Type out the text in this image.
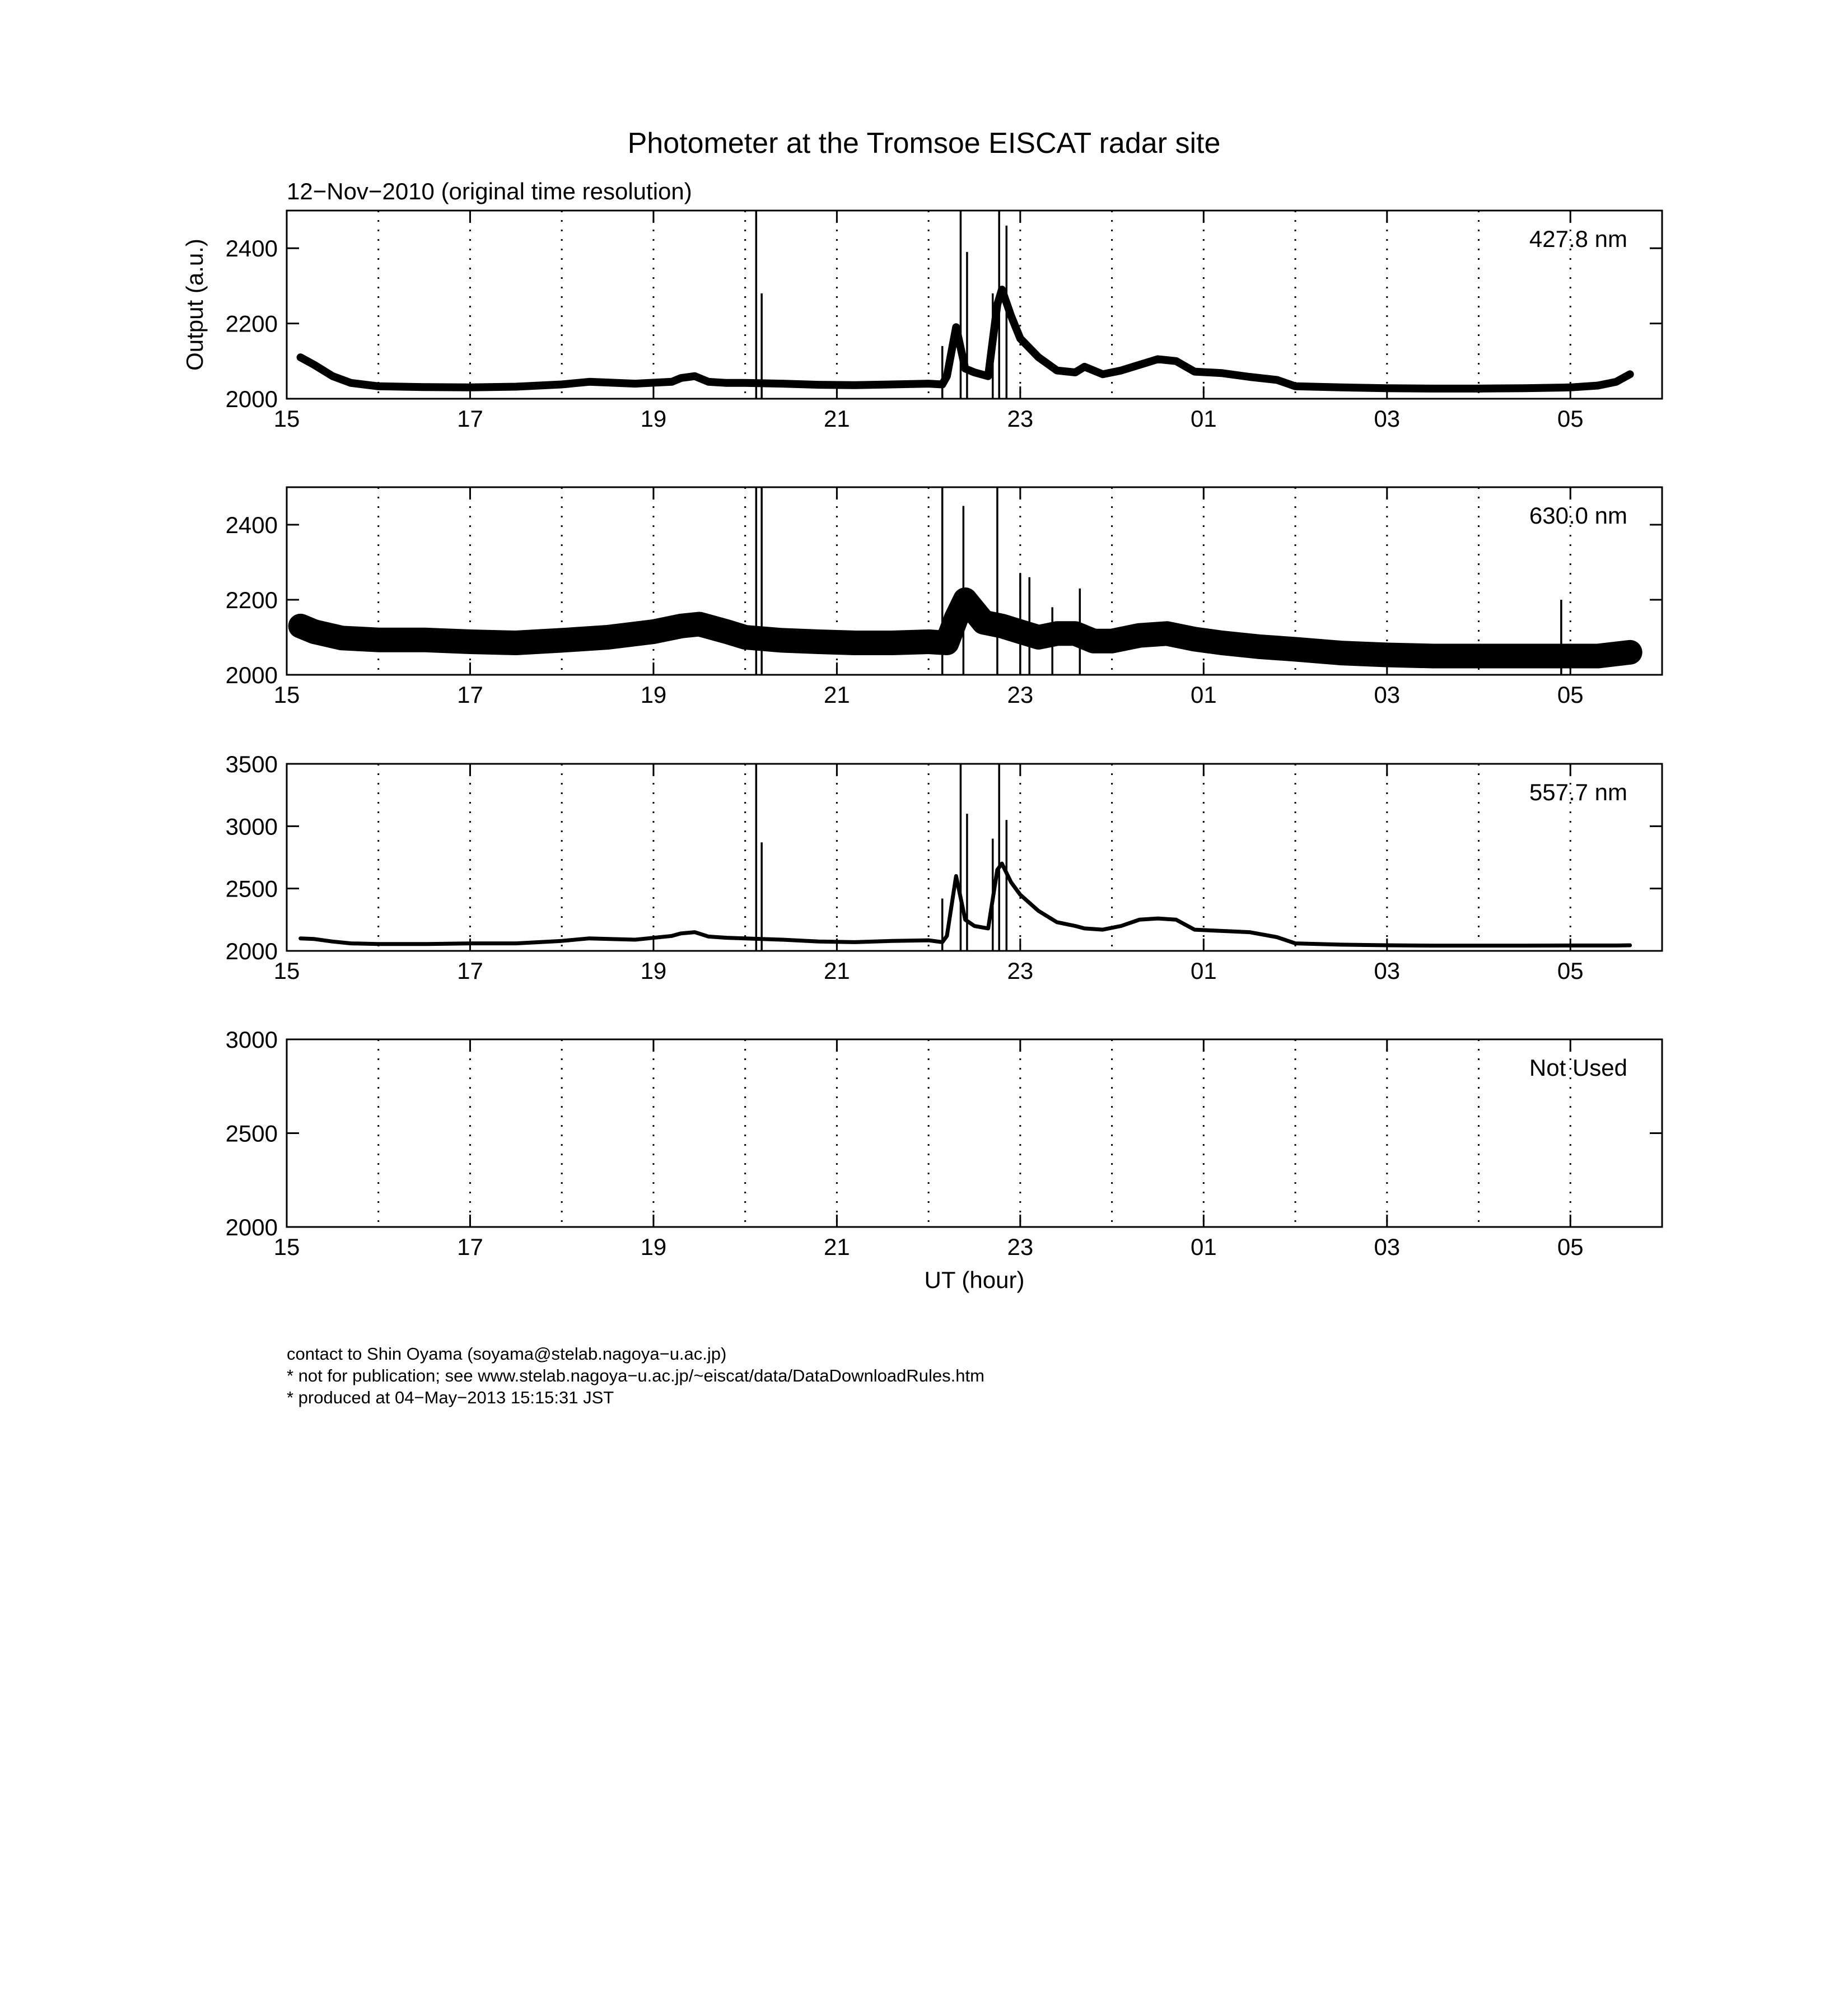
Photometer at the Tromsoe EISCAT radar site
12−Nov−2010 (original time resolution)
15	17	19	21	23	01	03	05
2000
2200
2400	427.8 nm
Output (a.u.)
15	17	19	21	23	01	03	05
2000
2200
2400	630.0 nm
15	17	19	21	23	01	03	05
2000
2500
3000
3500
557.7 nm
15	17	19	21	23	01	03	05
2000
2500
3000
Not Used
UT (hour)
contact to Shin Oyama (soyama@stelab.nagoya−u.ac.jp)
* not for publication; see www.stelab.nagoya−u.ac.jp/~eiscat/data/DataDownloadRules.htm
* produced at 04−May−2013 15:15:31 JST
